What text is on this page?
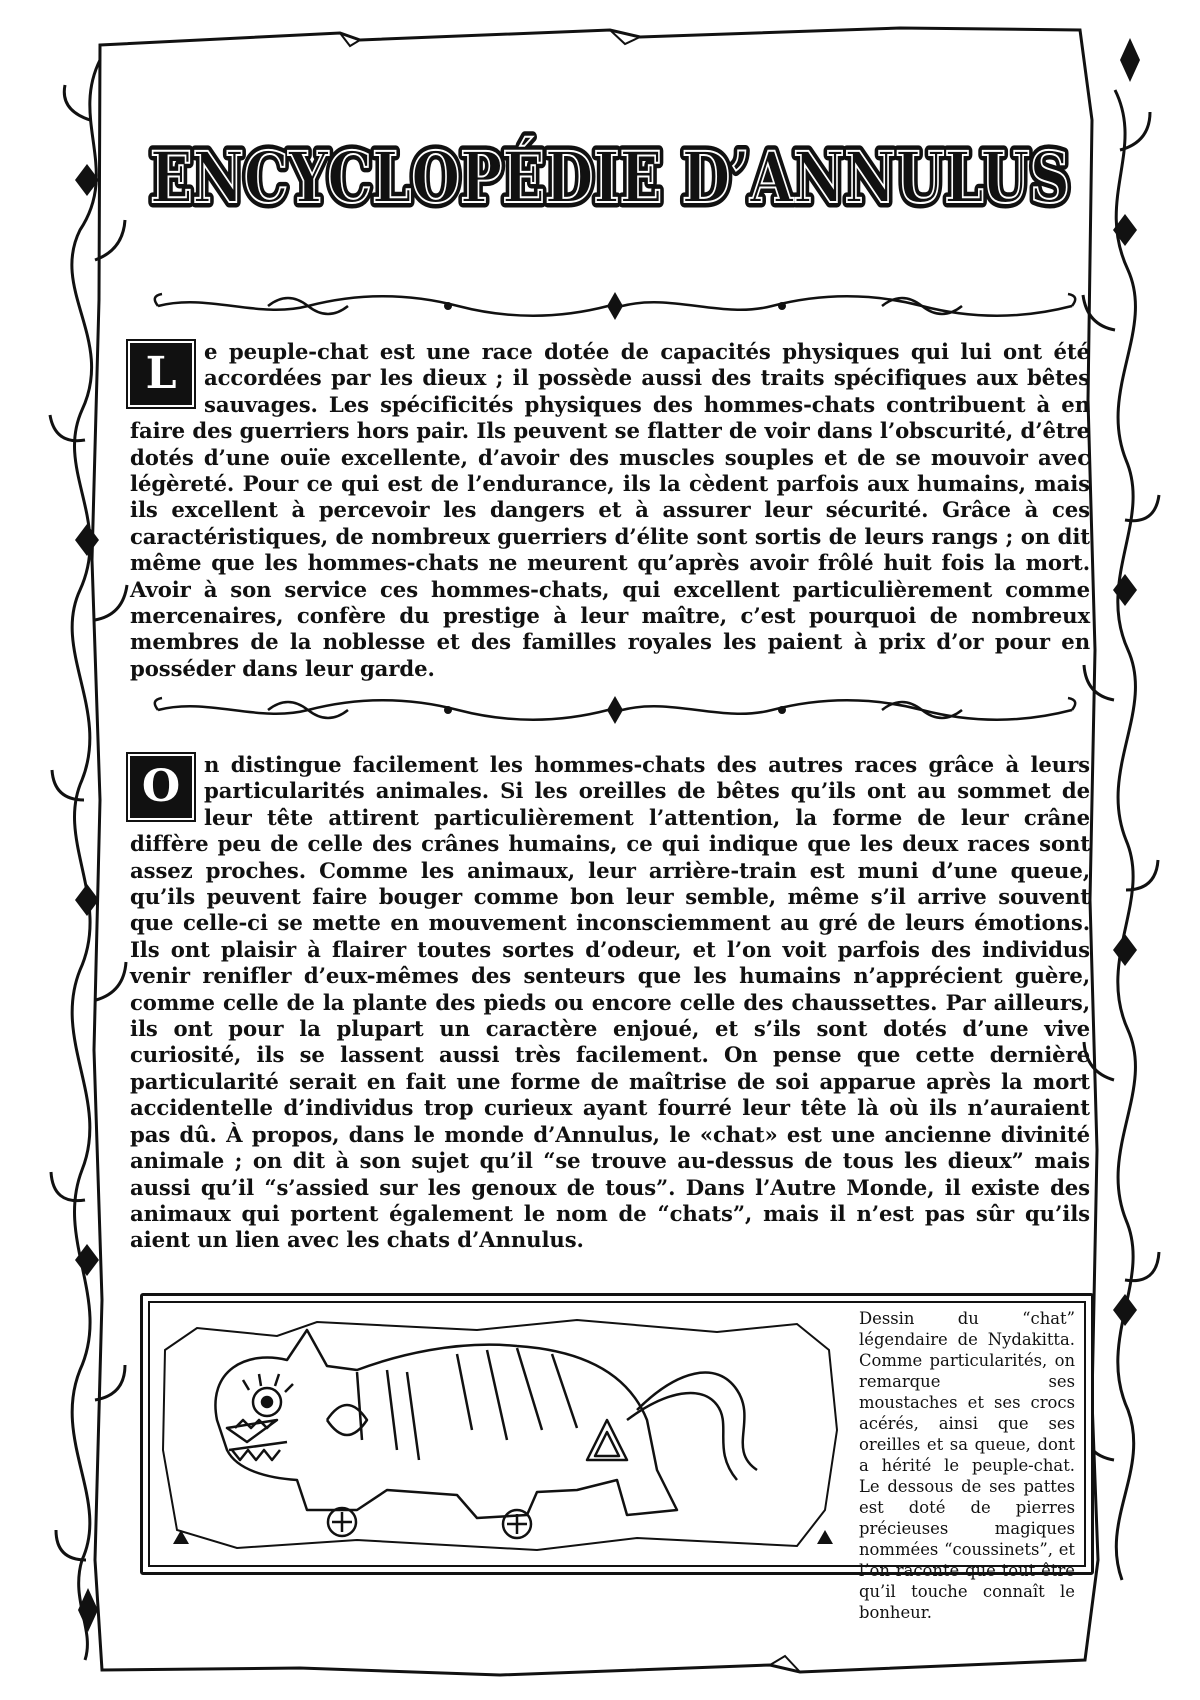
ENCYCLOPÉDIE D’ANNULUS
ENCYCLOPÉDIE D’ANNULUS

L	e peuple-chat est une race dotée de capacités physiques qui lui ont été accordées par les dieux ; il possède aussi des traits spécifiques aux bêtes sauvages. Les spécificités physiques des hommes-chats contribuent à en faire des guerriers hors pair. Ils peuvent se flatter de voir dans l’obscurité, d’être dotés d’une ouïe excellente, d’avoir des muscles souples et de se mouvoir avec légèreté. Pour ce qui est de l’endurance, ils la cèdent parfois aux humains, mais ils excellent à percevoir les dangers et à assurer leur sécurité. Grâce à ces caractéristiques, de nombreux guerriers d’élite sont sortis de leurs rangs ; on dit même que les hommes-chats ne meurent qu’après avoir frôlé huit fois la mort. Avoir à son service ces hommes-chats, qui excellent particulièrement comme mercenaires, confère du prestige à leur maître, c’est pourquoi de nombreux membres de la noblesse et des familles royales les paient à prix d’or pour en posséder dans leur garde.

O	n distingue facilement les hommes-chats des autres races grâce à leurs particularités animales. Si les oreilles de bêtes qu’ils ont au sommet de leur tête attirent particulièrement l’attention, la forme de leur crâne diffère peu de celle des crânes humains, ce qui indique que les deux races sont assez proches. Comme les animaux, leur arrière-train est muni d’une queue, qu’ils peuvent faire bouger comme bon leur semble, même s’il arrive souvent que celle-ci se mette en mouvement inconsciemment au gré de leurs émotions. Ils ont plaisir à flairer toutes sortes d’odeur, et l’on voit parfois des individus venir renifler d’eux-mêmes des senteurs que les humains n’apprécient guère, comme celle de la plante des pieds ou encore celle des chaussettes. Par ailleurs, ils ont pour la plupart un caractère enjoué, et s’ils sont dotés d’une vive curiosité, ils se lassent aussi très facilement. On pense que cette dernière particularité serait en fait une forme de maîtrise de soi apparue après la mort accidentelle d’individus trop curieux ayant fourré leur tête là où ils n’auraient pas dû. À propos, dans le monde d’Annulus, le «chat» est une ancienne divinité animale ; on dit à son sujet qu’il “se trouve au-dessus de tous les dieux” mais aussi qu’il “s’assied sur les genoux de tous”. Dans l’Autre Monde, il existe des animaux qui portent également le nom de “chats”, mais il n’est pas sûr qu’ils aient un lien avec les chats d’Annulus.

Dessin du “chat” légendaire de Nydakitta. Comme particularités, on remarque ses moustaches et ses crocs acérés, ainsi que ses oreilles et sa queue, dont a hérité le peuple-chat. Le dessous de ses pattes est doté de pierres précieuses magiques nommées “coussinets”, et l’on raconte que tout être qu’il touche connaît le bonheur.
